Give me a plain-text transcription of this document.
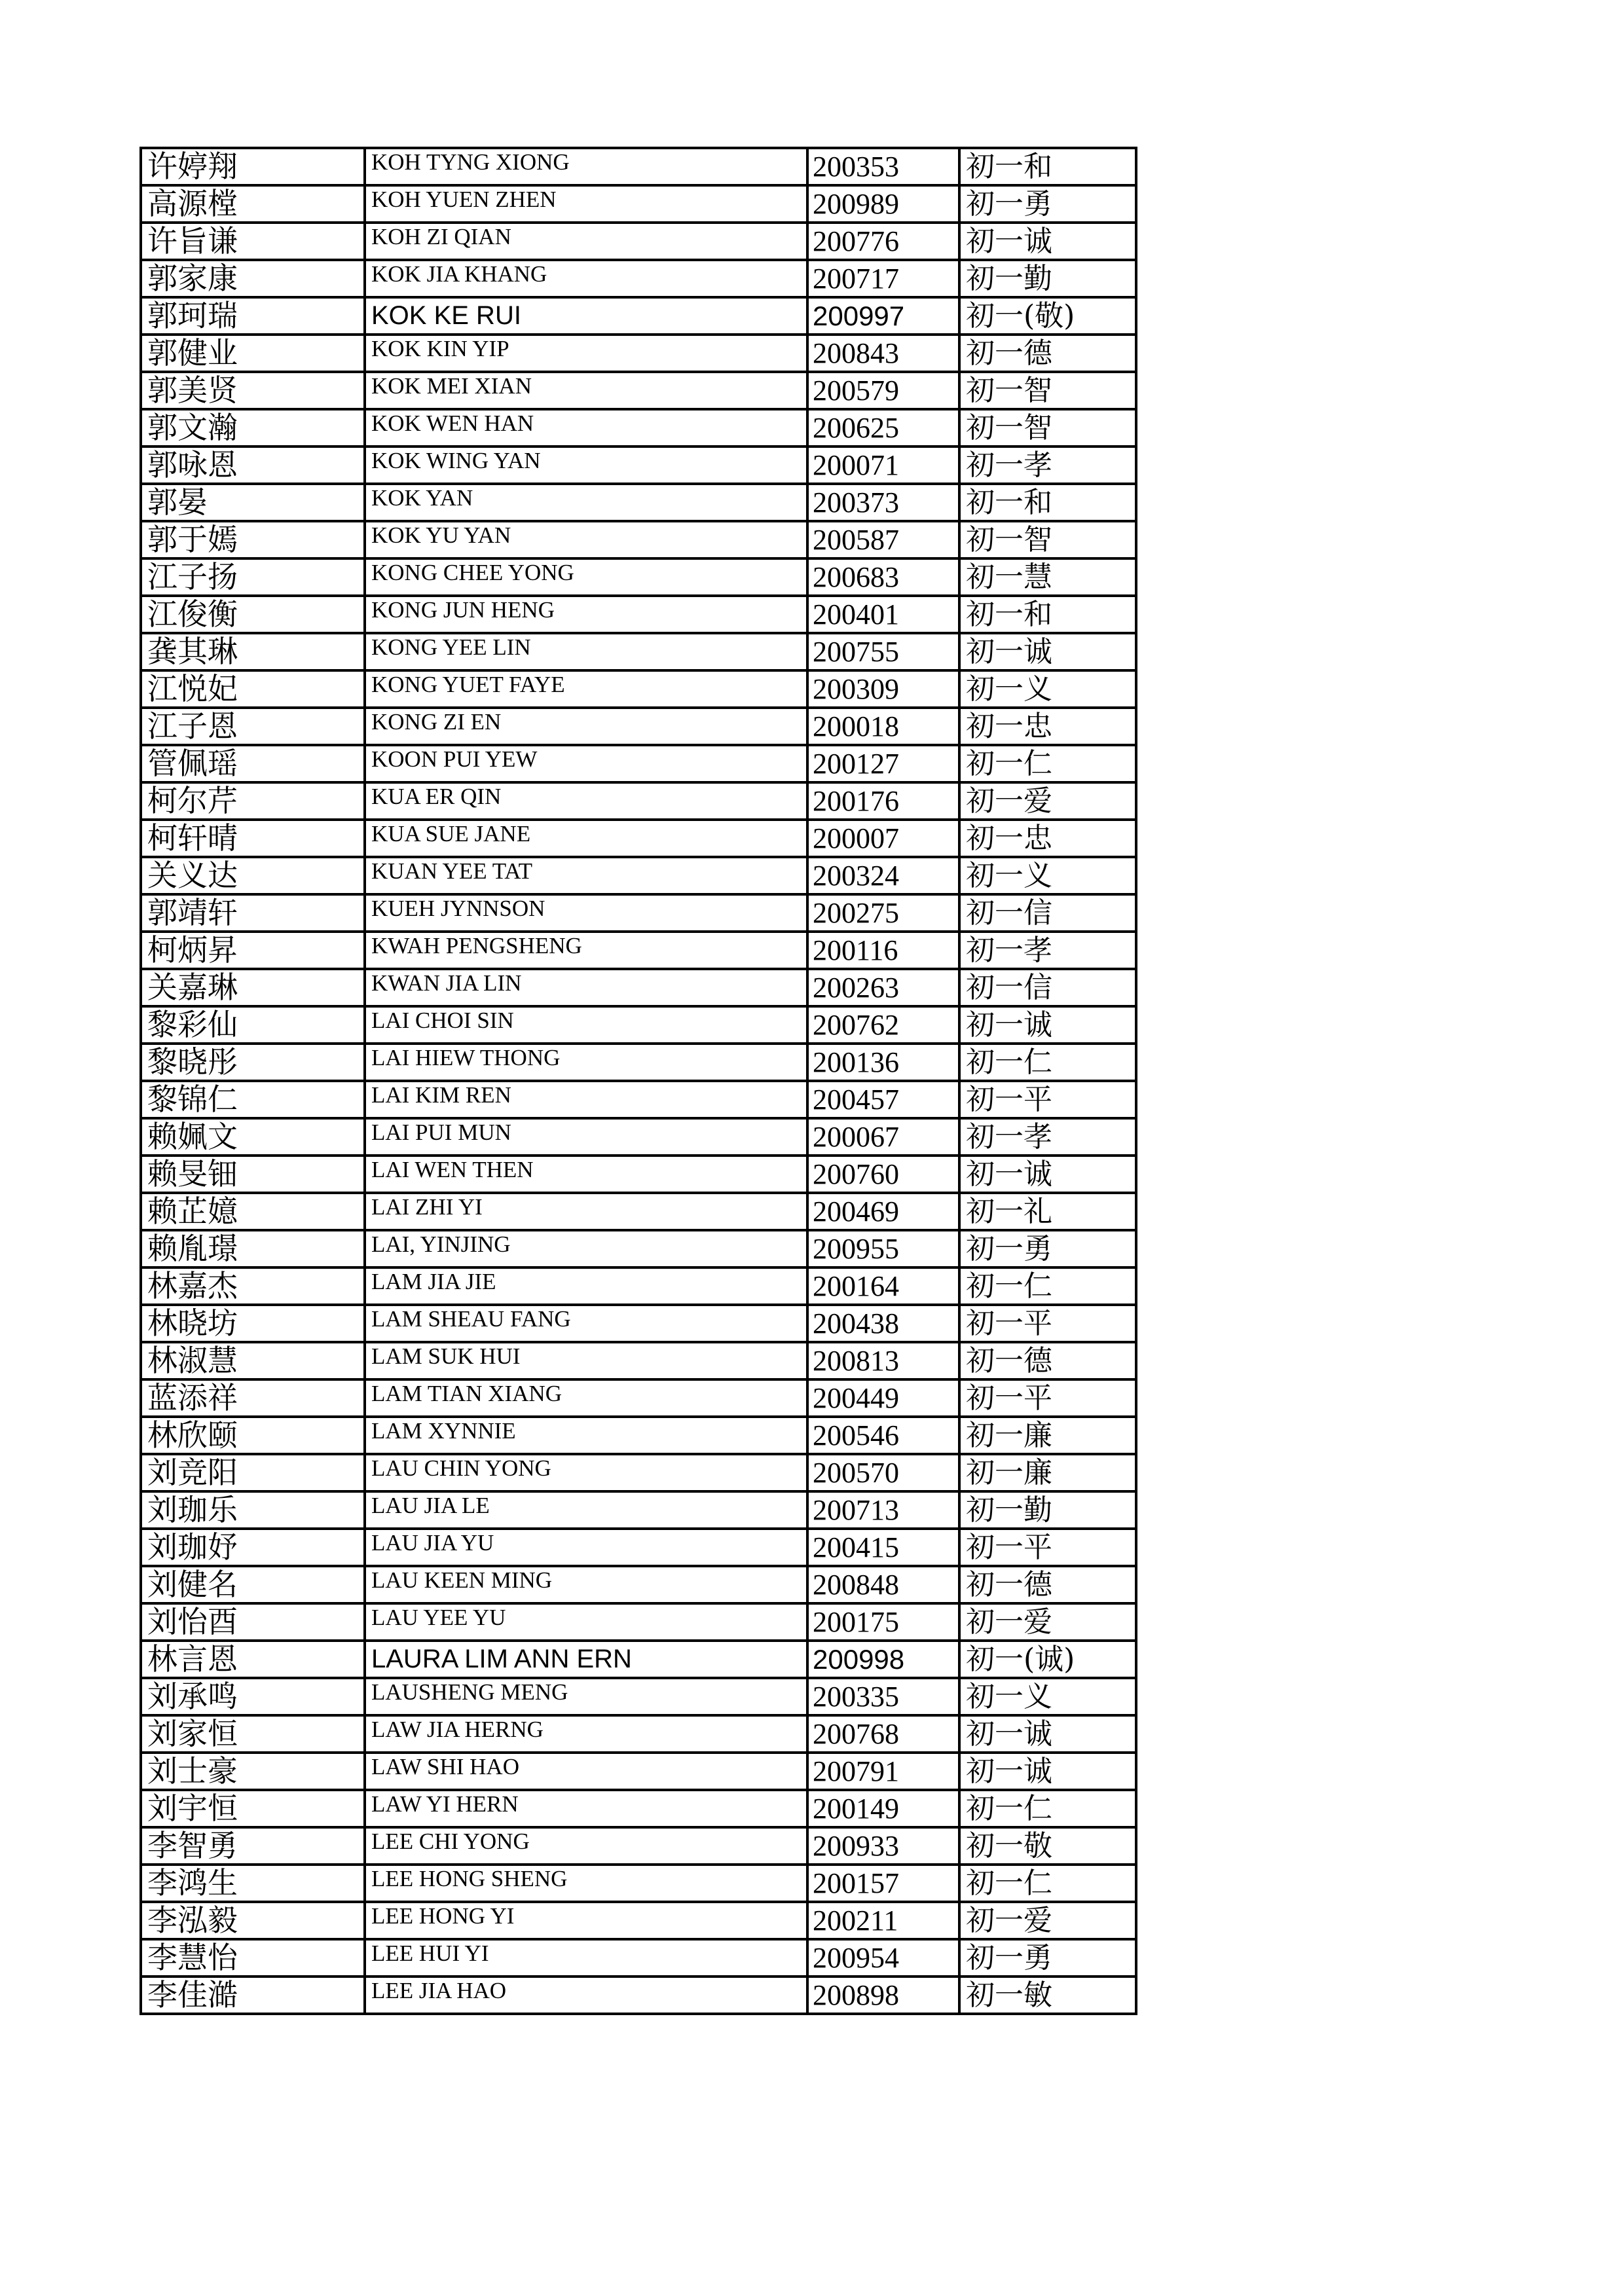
许婷翔	KOH TYNG XIONG	200353	初一和
高源樘	KOH YUEN ZHEN	200989	初一勇
许旨谦	KOH ZI QIAN	200776	初一诚
郭家康	KOK JIA KHANG	200717	初一勤
郭珂瑞	KOK KE RUI	200997	初一(敬)
郭健业	KOK KIN YIP	200843	初一德
郭美贤	KOK MEI XIAN	200579	初一智
郭文瀚	KOK WEN HAN	200625	初一智
郭咏恩	KOK WING YAN	200071	初一孝
郭晏	KOK YAN	200373	初一和
郭于嫣	KOK YU YAN	200587	初一智
江子扬	KONG CHEE YONG	200683	初一慧
江俊衡	KONG JUN HENG	200401	初一和
龚其琳	KONG YEE LIN	200755	初一诚
江悦妃	KONG YUET FAYE	200309	初一义
江子恩	KONG ZI EN	200018	初一忠
管佩瑶	KOON PUI YEW	200127	初一仁
柯尔芹	KUA ER QIN	200176	初一爱
柯轩晴	KUA SUE JANE	200007	初一忠
关义达	KUAN YEE TAT	200324	初一义
郭靖轩	KUEH JYNNSON	200275	初一信
柯炳昇	KWAH PENGSHENG	200116	初一孝
关嘉琳	KWAN JIA LIN	200263	初一信
黎彩仙	LAI CHOI SIN	200762	初一诚
黎晓彤	LAI HIEW THONG	200136	初一仁
黎锦仁	LAI KIM REN	200457	初一平
赖姵文	LAI PUI MUN	200067	初一孝
赖旻钿	LAI WEN THEN	200760	初一诚
赖芷嬑	LAI ZHI YI	200469	初一礼
赖胤璟	LAI, YINJING	200955	初一勇
林嘉杰	LAM JIA JIE	200164	初一仁
林晓坊	LAM SHEAU FANG	200438	初一平
林淑慧	LAM SUK HUI	200813	初一德
蓝添祥	LAM TIAN XIANG	200449	初一平
林欣颐	LAM XYNNIE	200546	初一廉
刘竞阳	LAU CHIN YONG	200570	初一廉
刘珈乐	LAU JIA LE	200713	初一勤
刘珈妤	LAU JIA YU	200415	初一平
刘健名	LAU KEEN MING	200848	初一德
刘怡酉	LAU YEE YU	200175	初一爱
林言恩	LAURA LIM ANN ERN	200998	初一(诚)
刘承鸣	LAUSHENG MENG	200335	初一义
刘家恒	LAW JIA HERNG	200768	初一诚
刘士豪	LAW SHI HAO	200791	初一诚
刘宇恒	LAW YI HERN	200149	初一仁
李智勇	LEE CHI YONG	200933	初一敬
李鸿生	LEE HONG SHENG	200157	初一仁
李泓毅	LEE HONG YI	200211	初一爱
李慧怡	LEE HUI YI	200954	初一勇
李佳澔	LEE JIA HAO	200898	初一敏
